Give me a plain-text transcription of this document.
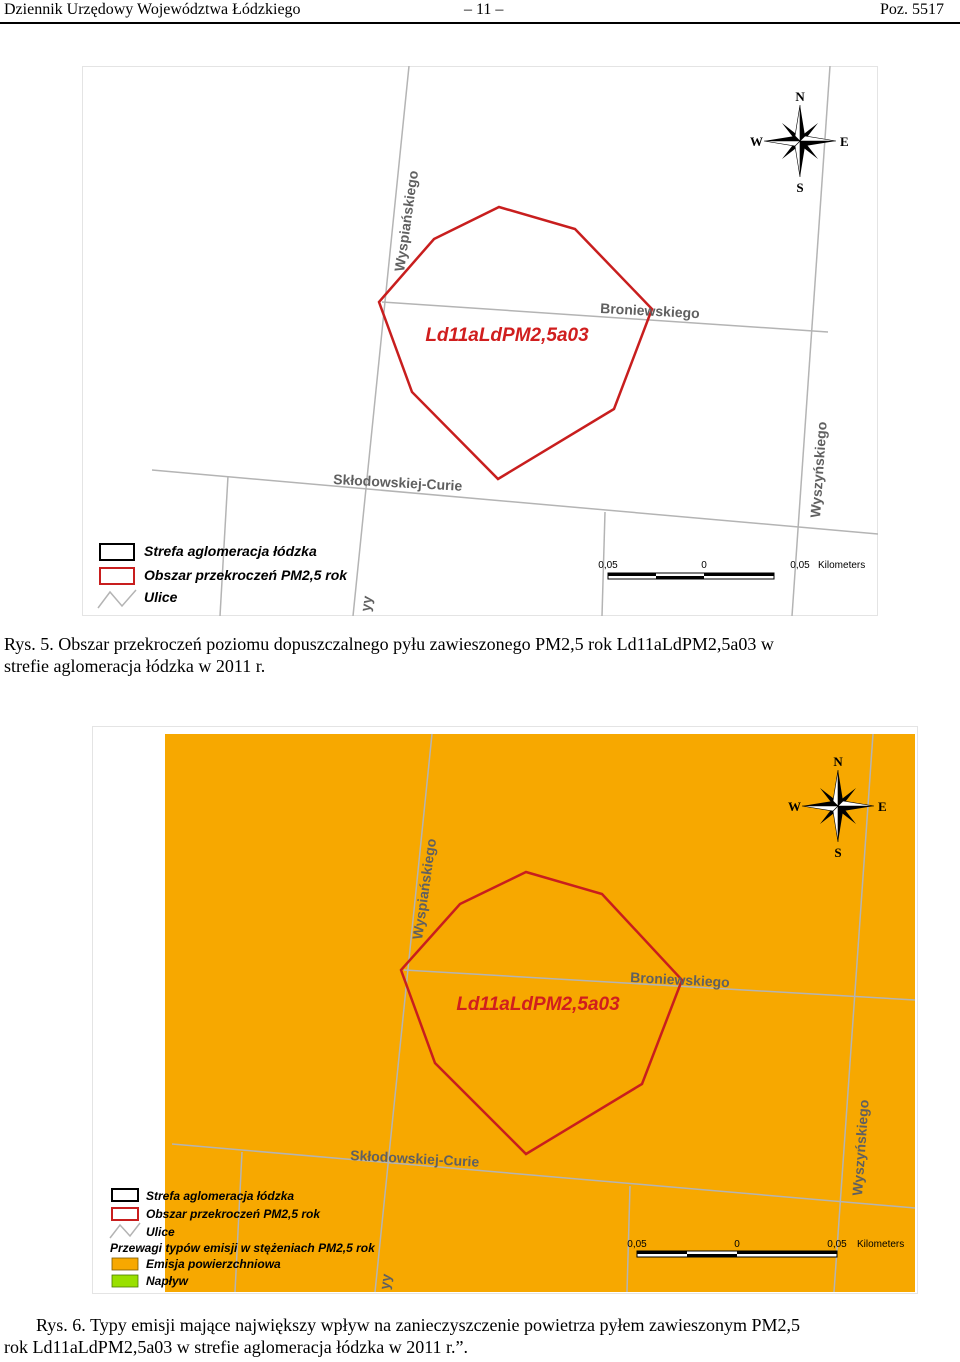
Dziennik Urzędowy Województwa Łódzkiego	– 11 –	Poz. 5517
Ld11aLdPM2,5a03
Wyspiańskiego
Broniewskiego
Skłodowskiej-Curie	Wyszyńskiego
yy
N
S
E
W
Strefa aglomeracja łódzka
Obszar przekroczeń PM2,5 rok
Ulice
0,05	0	0,05 Kilometers
Rys. 5. Obszar przekroczeń poziomu dopuszczalnego pyłu zawieszonego PM2,5 rok Ld11aLdPM2,5a03 w
strefie aglomeracja łódzka w 2011 r.
Ld11aLdPM2,5a03
Wyspiańskiego
Broniewskiego
Skłodowskiej-Curie	Wyszyńskiego
yy
N
S
E
W
Strefa aglomeracja łódzka
Obszar przekroczeń PM2,5 rok
Ulice
Przewagi typów emisji w stężeniach PM2,5 rok
Emisja powierzchniowa
Napływ
0,05	0	0,05 Kilometers
Rys. 6. Typy emisji mające największy wpływ na zanieczyszczenie powietrza pyłem zawieszonym PM2,5
rok Ld11aLdPM2,5a03 w strefie aglomeracja łódzka w 2011 r.”.
